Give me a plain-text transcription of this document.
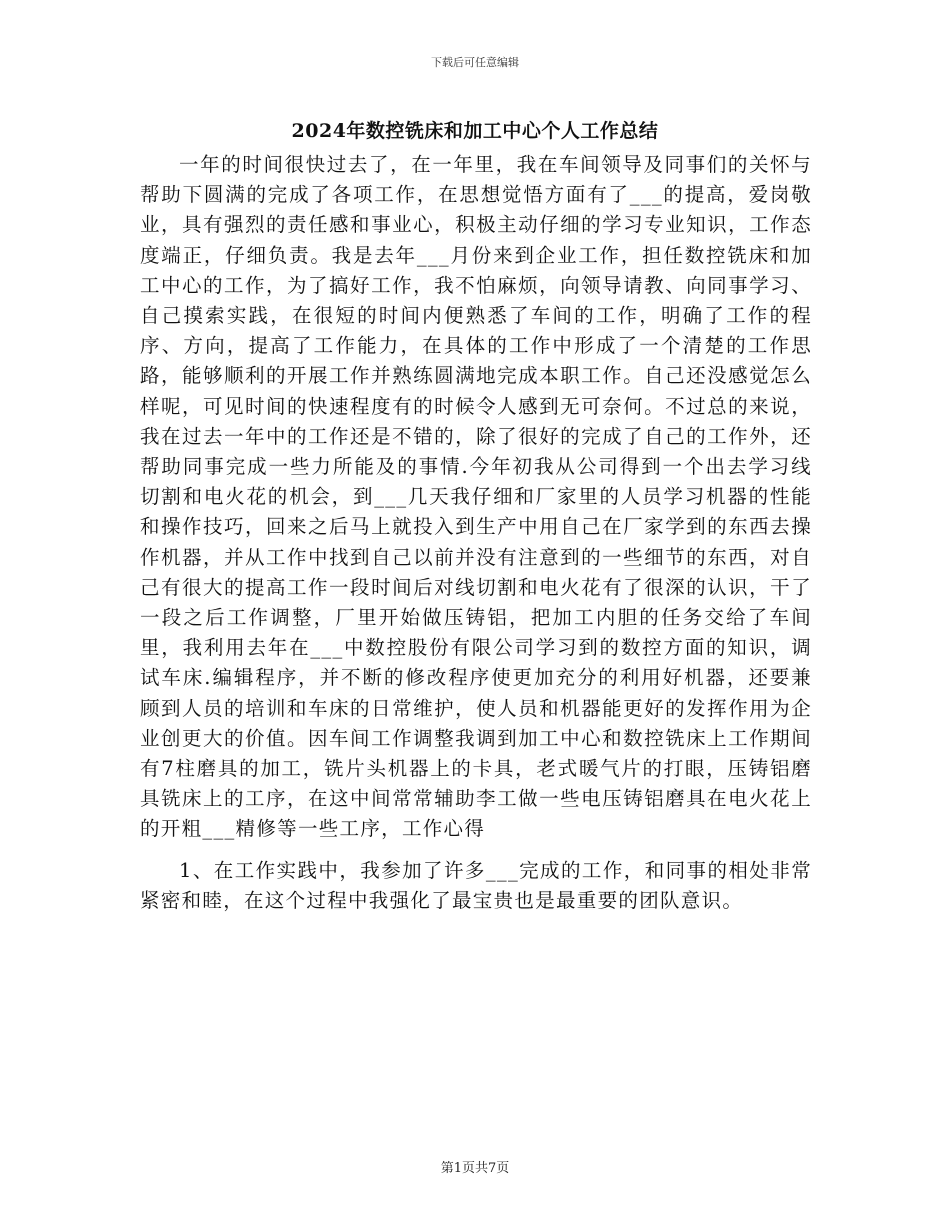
下载后可任意编辑
2024年数控铣床和加工中心个人工作总结

一年的时间很快过去了，在一年里，我在车间领导及同事们的关怀与帮助下圆满的完成了各项工作，在思想觉悟方面有了___的提高，爱岗敬业，具有强烈的责任感和事业心，积极主动仔细的学习专业知识，工作态度端正，仔细负责。我是去年___月份来到企业工作，担任数控铣床和加工中心的工作，为了搞好工作，我不怕麻烦，向领导请教、向同事学习、自己摸索实践，在很短的时间内便熟悉了车间的工作，明确了工作的程序、方向，提高了工作能力，在具体的工作中形成了一个清楚的工作思路，能够顺利的开展工作并熟练圆满地完成本职工作。自己还没感觉怎么样呢，可见时间的快速程度有的时候令人感到无可奈何。不过总的来说，我在过去一年中的工作还是不错的，除了很好的完成了自己的工作外，还帮助同事完成一些力所能及的事情.今年初我从公司得到一个出去学习线切割和电火花的机会，到___几天我仔细和厂家里的人员学习机器的性能和操作技巧，回来之后马上就投入到生产中用自己在厂家学到的东西去操作机器，并从工作中找到自己以前并没有注意到的一些细节的东西，对自己有很大的提高工作一段时间后对线切割和电火花有了很深的认识，干了一段之后工作调整，厂里开始做压铸铝，把加工内胆的任务交给了车间里，我利用去年在___中数控股份有限公司学习到的数控方面的知识，调试车床.编辑程序，并不断的修改程序使更加充分的利用好机器，还要兼顾到人员的培训和车床的日常维护，使人员和机器能更好的发挥作用为企业创更大的价值。因车间工作调整我调到加工中心和数控铣床上工作期间有7柱磨具的加工，铣片头机器上的卡具，老式暖气片的打眼，压铸铝磨具铣床上的工序，在这中间常常辅助李工做一些电压铸铝磨具在电火花上的开粗___精修等一些工序，工作心得

1、在工作实践中，我参加了许多___完成的工作，和同事的相处非常紧密和睦，在这个过程中我强化了最宝贵也是最重要的团队意识。

第1页共7页
